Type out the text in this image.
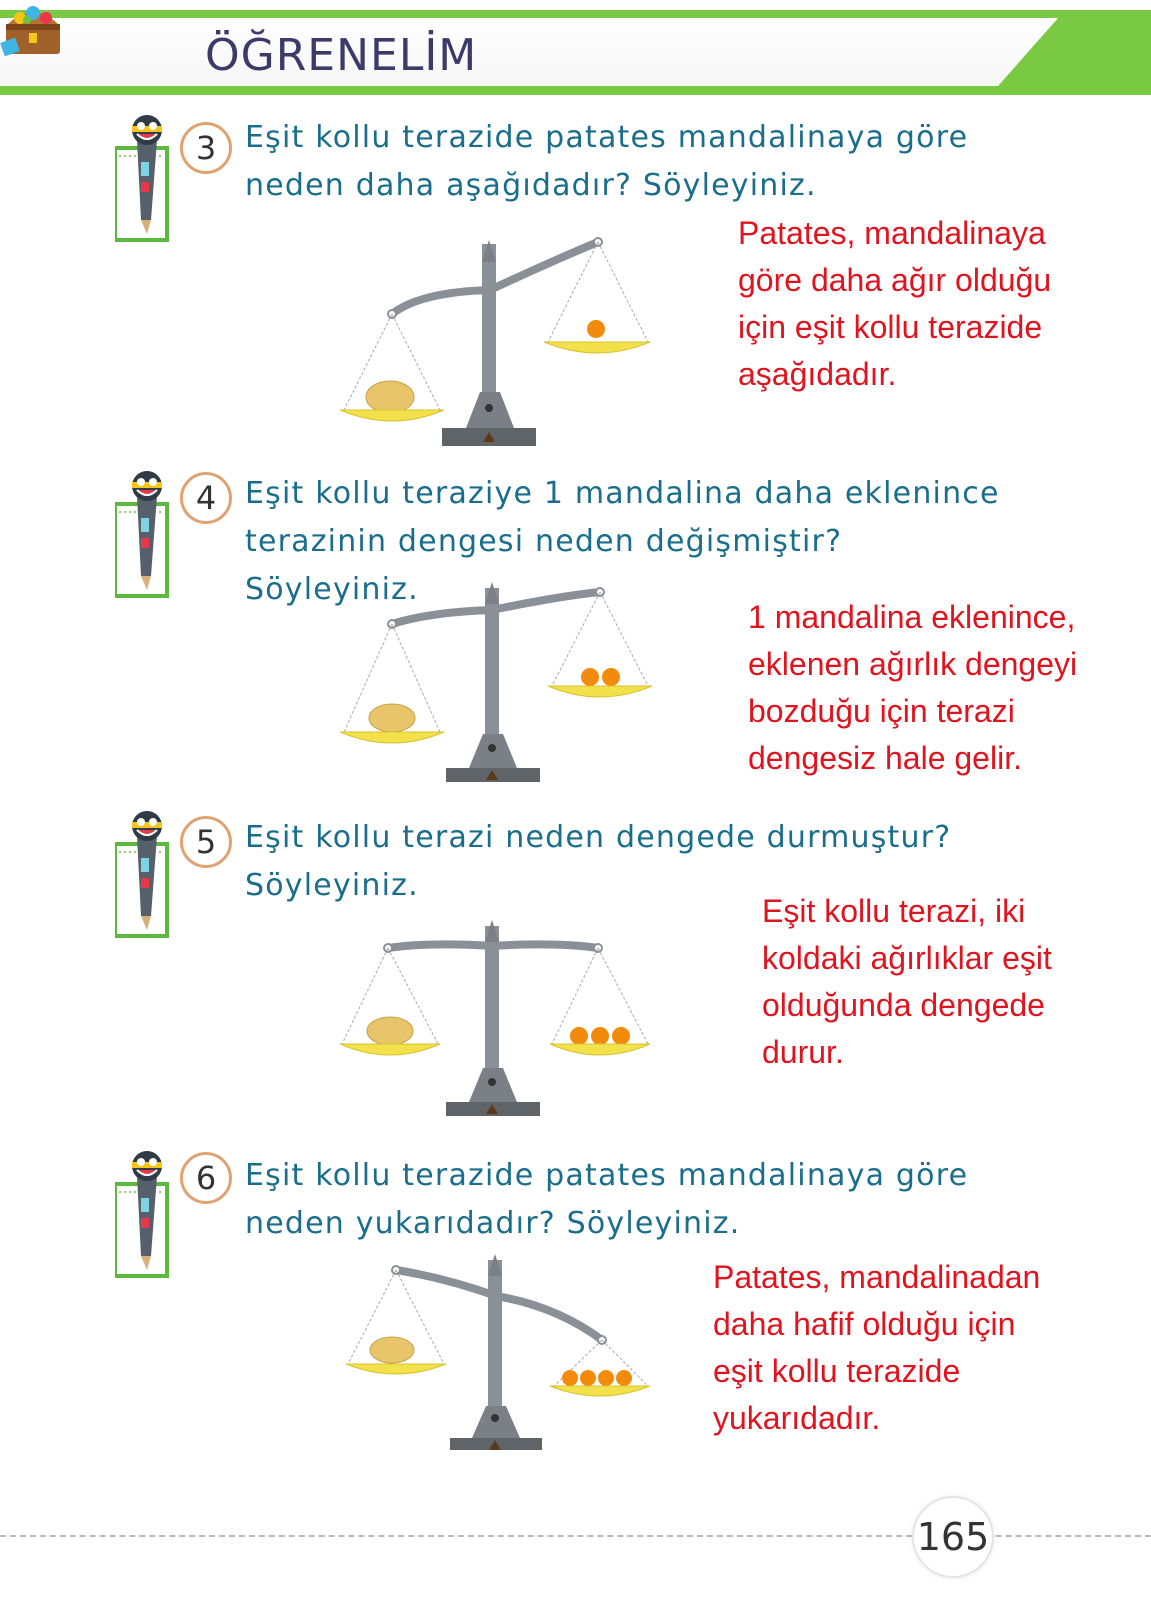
ÖĞRENELİM
3 Eşit kollu terazide patates mandalinaya göre
neden daha aşağıdadır? Söyleyiniz.
Patates, mandalinaya
göre daha ağır olduğu
için eşit kollu terazide
aşağıdadır.
4 Eşit kollu teraziye 1 mandalina daha eklenince
terazinin dengesi neden değişmiştir? Söyleyiniz.
1 mandalina eklenince,
eklenen ağırlık dengeyi
bozduğu için terazi
dengesiz hale gelir.
5 Eşit kollu terazi neden dengede durmuştur?
Söyleyiniz.
Eşit kollu terazi, iki
koldaki ağırlıklar eşit
olduğunda dengede
durur.
6 Eşit kollu terazide patates mandalinaya göre
neden yukarıdadır? Söyleyiniz.
Patates, mandalinadan
daha hafif olduğu için
eşit kollu terazide
yukarıdadır.
165
